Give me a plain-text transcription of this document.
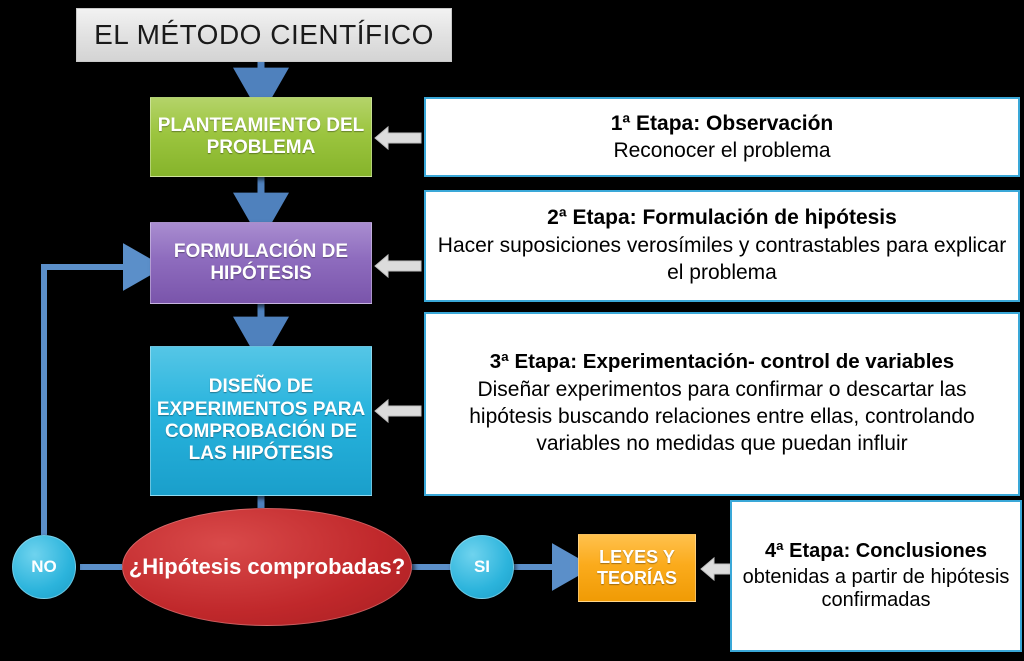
EL MÉTODO CIENTÍFICO
PLANTEAMIENTO DEL PROBLEMA
FORMULACIÓN DE HIPÓTESIS
DISEÑO DE EXPERIMENTOS PARA COMPROBACIÓN DE LAS HIPÓTESIS
¿Hipótesis comprobadas?
NO	SI	LEYES Y TEORÍAS
1ª Etapa: Observación
Reconocer el problema
2ª Etapa: Formulación de hipótesis
Hacer suposiciones verosímiles y contrastables para explicar el problema
3ª Etapa: Experimentación- control de variables
Diseñar experimentos para confirmar o descartar las hipótesis buscando relaciones entre ellas, controlando variables no medidas que puedan influir
4ª Etapa: Conclusiones
obtenidas a partir de hipótesis confirmadas
